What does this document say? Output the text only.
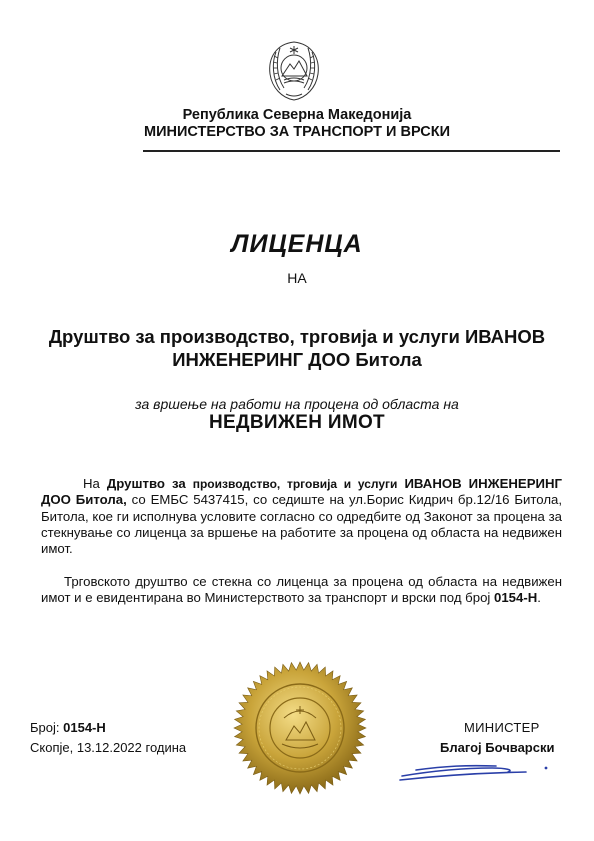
Република Северна Македонија
МИНИСТЕРСТВО ЗА ТРАНСПОРТ И ВРСКИ
ЛИЦЕНЦА
НА
Друштво за производство, трговија и услуги ИВАНОВ ИНЖЕНЕРИНГ ДОО Битола
за вршење на работи на процена од областа на
НЕДВИЖЕН ИМОТ
На Друштво за производство, трговија и услуги ИВАНОВ ИНЖЕНЕРИНГ ДОО Битола, со ЕМБС 5437415, со седиште на ул.Борис Кидрич бр.12/16 Битола, Битола, кое ги исполнува условите согласно со одредбите од Законот за процена за стекнување со лиценца за вршење на работите за процена од областа на недвижен имот.
Трговското друштво се стекна со лиценца за процена од областа на недвижен имот и е евидентирана во Министерството за транспорт и врски под број 0154-Н.
Број: 0154-Н
Скопје, 13.12.2022 година
МИНИСТЕР
Благој Бочварски
